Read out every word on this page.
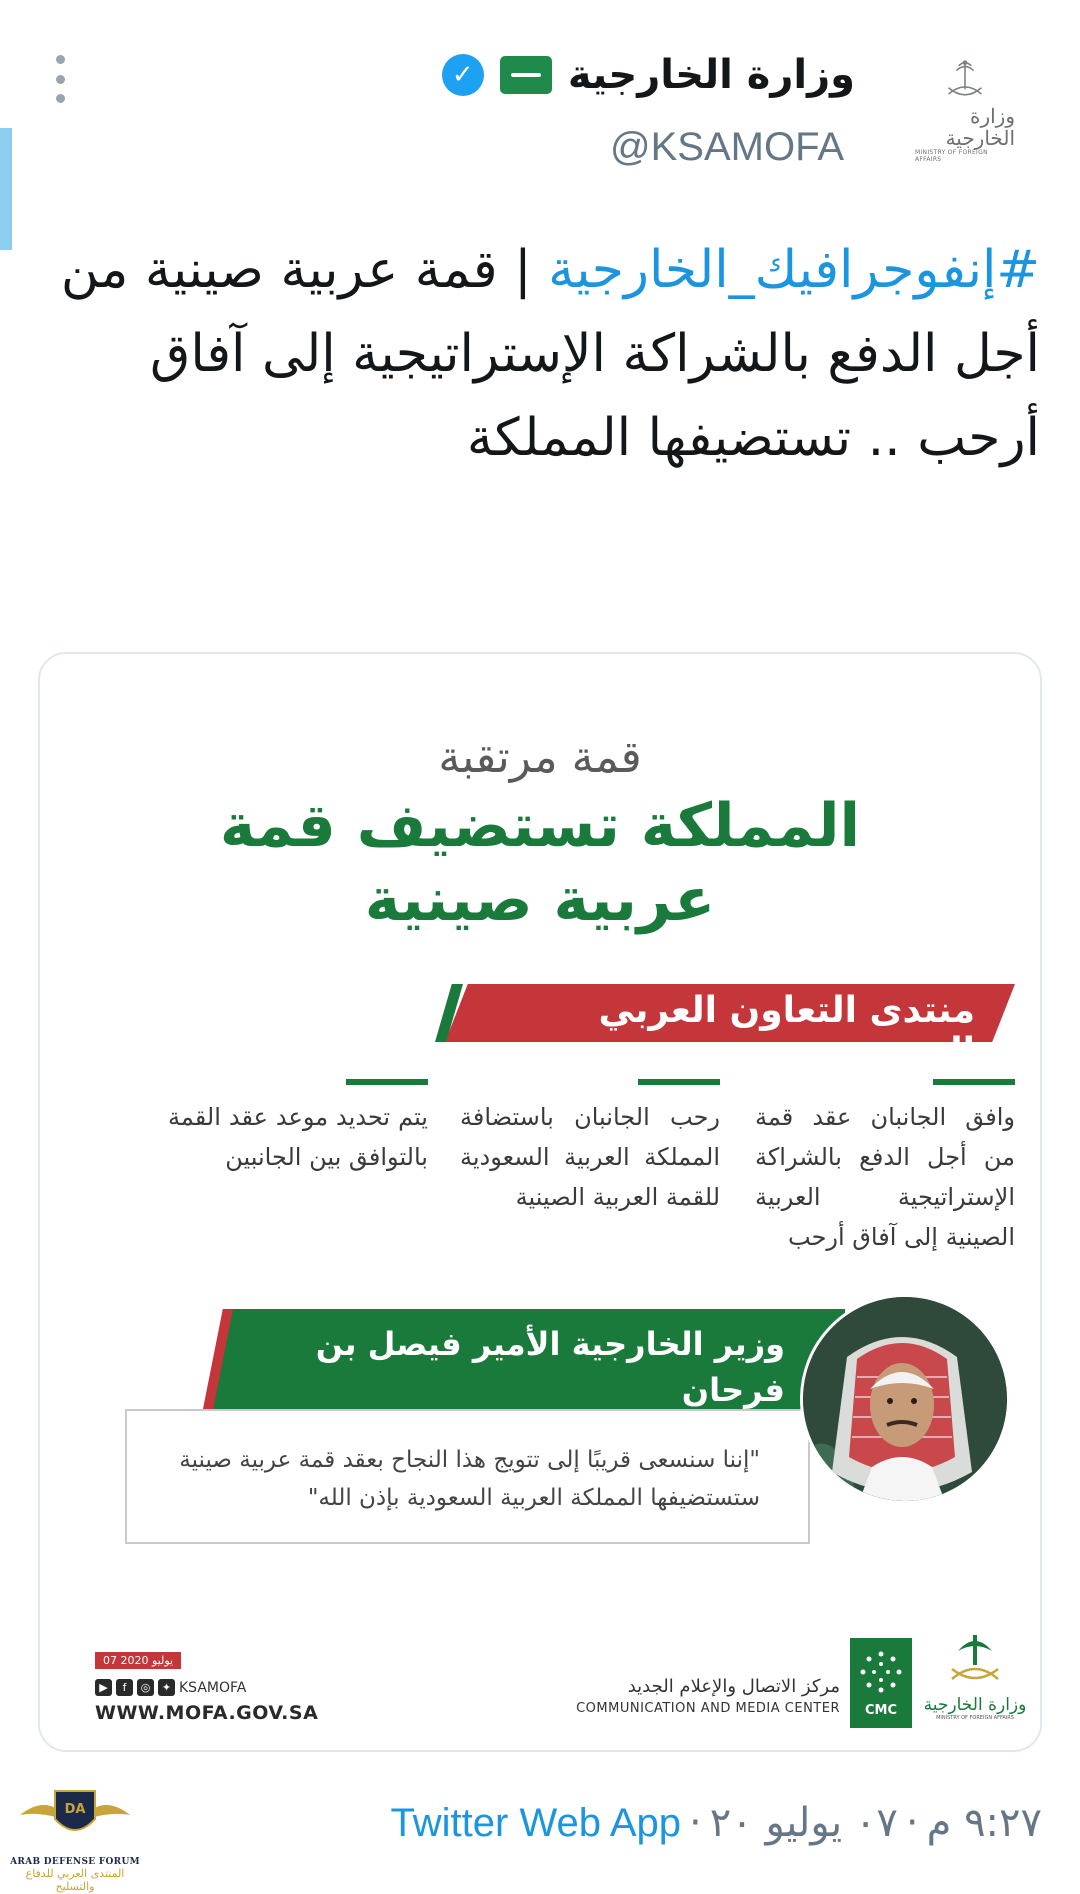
وزارة الخارجية
MINISTRY OF FOREIGN AFFAIRS
وزارة الخارجية
✓
@KSAMOFA
#إنفوجرافيك_الخارجية | قمة عربية صينية من أجل الدفع بالشراكة الإستراتيجية إلى آفاق أرحب .. تستضيفها المملكة
قمة مرتقبة
المملكة تستضيف قمة
عربية صينية
منتدى التعاون العربي الصيني:

وافق الجانبان عقد قمة من أجل الدفع بالشراكة الإستراتيجية العربية الصينية إلى آفاق أرحب

رحب الجانبان باستضافة المملكة العربية السعودية للقمة العربية الصينية

يتم تحديد موعد عقد القمة بالتوافق بين الجانبين

وزير الخارجية الأمير فيصل بن فرحان
"إننا سنسعى قريبًا إلى تتويج هذا النجاح بعقد قمة عربية صينية ستستضيفها المملكة العربية السعودية بإذن الله"
07 يوليو 2020
▶	f	◎	✦ KSAMOFA
WWW.MOFA.GOV.SA
مركز الاتصال والإعلام الجديد
COMMUNICATION AND MEDIA CENTER	CMC	وزارة الخارجية
MINISTRY OF FOREIGN AFFAIRS
٩:٢٧ م
·
٠٧ يوليو ٢٠
·
Twitter Web App
DA
ARAB DEFENSE FORUM
المنتدى العربي للدفاع والتسليح
